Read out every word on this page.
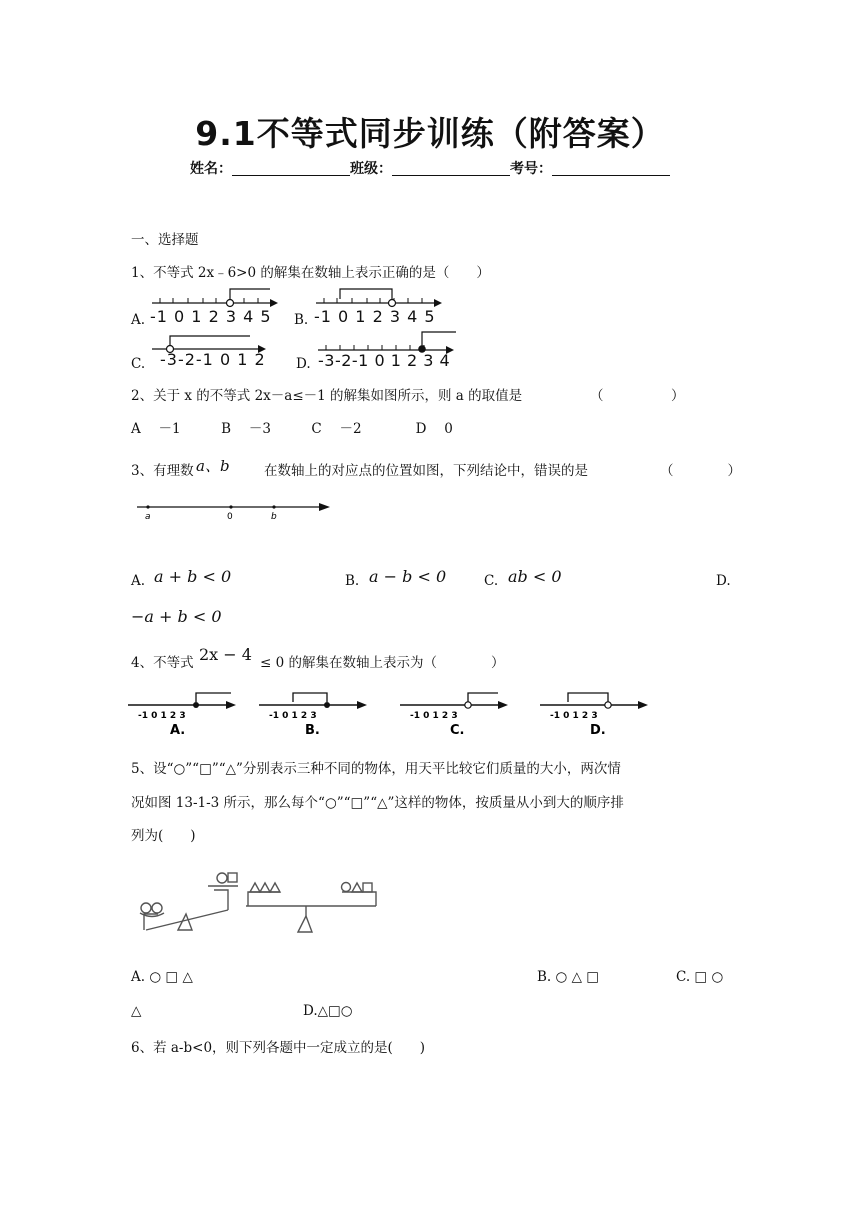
9.1不等式同步训练（附答案）
姓名：	班级：	考号：
一、选择题
1、不等式 2x﹣6>0 的解集在数轴上表示正确的是（　　）
A. -1 0 1 2 3 4 5 B. -1 0 1 2 3 4 5
C. -3-2-1 0 1 2 D. -3-2-1 0 1 2 3 4
2、关于 x 的不等式 2x－a≤－1 的解集如图所示，则 a 的取值是	（　　　　　）
A　 －1　　　B　 －3　　　C　 －2　　　　D　 0
3、有理数 a、b	在数轴上的对应点的位置如图，下列结论中，错误的是	（　　　　）
a	0	b
A. a + b < 0	B. a − b < 0	C. ab < 0	D.
−a + b < 0
4、不等式 2x − 4 ≤ 0 的解集在数轴上表示为（　　　　）
-1 0 1 2 3
A.
-1 0 1 2 3
B.
-1 0 1 2 3
C.
-1 0 1 2 3
D.
5、设“○”“□”“△”分别表示三种不同的物体，用天平比较它们质量的大小，两次情
况如图 13-1-3 所示，那么每个“○”“□”“△”这样的物体，按质量从小到大的顺序排
列为(　　)
A. ○ □ △	B. ○ △ □	C. □ ○
△	D.△□○
6、若 a-b<0，则下列各题中一定成立的是(　　)
